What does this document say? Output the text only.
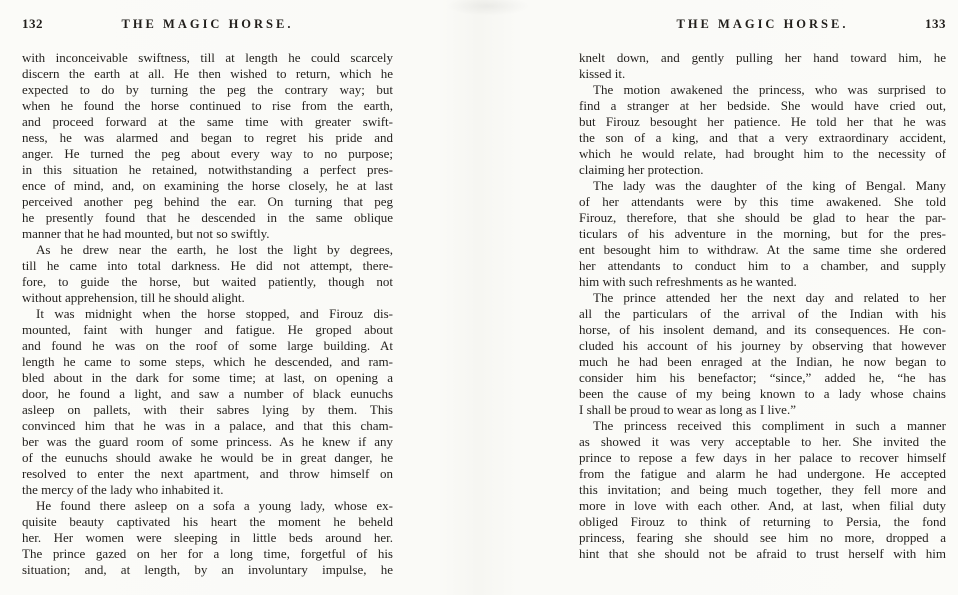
132	THE MAGIC HORSE.

with inconceivable swiftness, till at length he could scarcely
discern the earth at all. He then wished to return, which he
expected to do by turning the peg the contrary way; but
when he found the horse continued to rise from the earth,
and proceed forward at the same time with greater swift-
ness, he was alarmed and began to regret his pride and
anger. He turned the peg about every way to no purpose;
in this situation he retained, notwithstanding a perfect pres-
ence of mind, and, on examining the horse closely, he at last
perceived another peg behind the ear. On turning that peg
he presently found that he descended in the same oblique
manner that he had mounted, but not so swiftly.

As he drew near the earth, he lost the light by degrees,
till he came into total darkness. He did not attempt, there-
fore, to guide the horse, but waited patiently, though not
without apprehension, till he should alight.

It was midnight when the horse stopped, and Firouz dis-
mounted, faint with hunger and fatigue. He groped about
and found he was on the roof of some large building. At
length he came to some steps, which he descended, and ram-
bled about in the dark for some time; at last, on opening a
door, he found a light, and saw a number of black eunuchs
asleep on pallets, with their sabres lying by them. This
convinced him that he was in a palace, and that this cham-
ber was the guard room of some princess. As he knew if any
of the eunuchs should awake he would be in great danger, he
resolved to enter the next apartment, and throw himself on
the mercy of the lady who inhabited it.

He found there asleep on a sofa a young lady, whose ex-
quisite beauty captivated his heart the moment he beheld
her. Her women were sleeping in little beds around her.
The prince gazed on her for a long time, forgetful of his
situation; and, at length, by an involuntary impulse, he

THE MAGIC HORSE.	133

knelt down, and gently pulling her hand toward him, he
kissed it.

The motion awakened the princess, who was surprised to
find a stranger at her bedside. She would have cried out,
but Firouz besought her patience. He told her that he was
the son of a king, and that a very extraordinary accident,
which he would relate, had brought him to the necessity of
claiming her protection.

The lady was the daughter of the king of Bengal. Many
of her attendants were by this time awakened. She told
Firouz, therefore, that she should be glad to hear the par-
ticulars of his adventure in the morning, but for the pres-
ent besought him to withdraw. At the same time she ordered
her attendants to conduct him to a chamber, and supply
him with such refreshments as he wanted.

The prince attended her the next day and related to her
all the particulars of the arrival of the Indian with his
horse, of his insolent demand, and its consequences. He con-
cluded his account of his journey by observing that however
much he had been enraged at the Indian, he now began to
consider him his benefactor; “since,” added he, “he has
been the cause of my being known to a lady whose chains
I shall be proud to wear as long as I live.”

The princess received this compliment in such a manner
as showed it was very acceptable to her. She invited the
prince to repose a few days in her palace to recover himself
from the fatigue and alarm he had undergone. He accepted
this invitation; and being much together, they fell more and
more in love with each other. And, at last, when filial duty
obliged Firouz to think of returning to Persia, the fond
princess, fearing she should see him no more, dropped a
hint that she should not be afraid to trust herself with him
